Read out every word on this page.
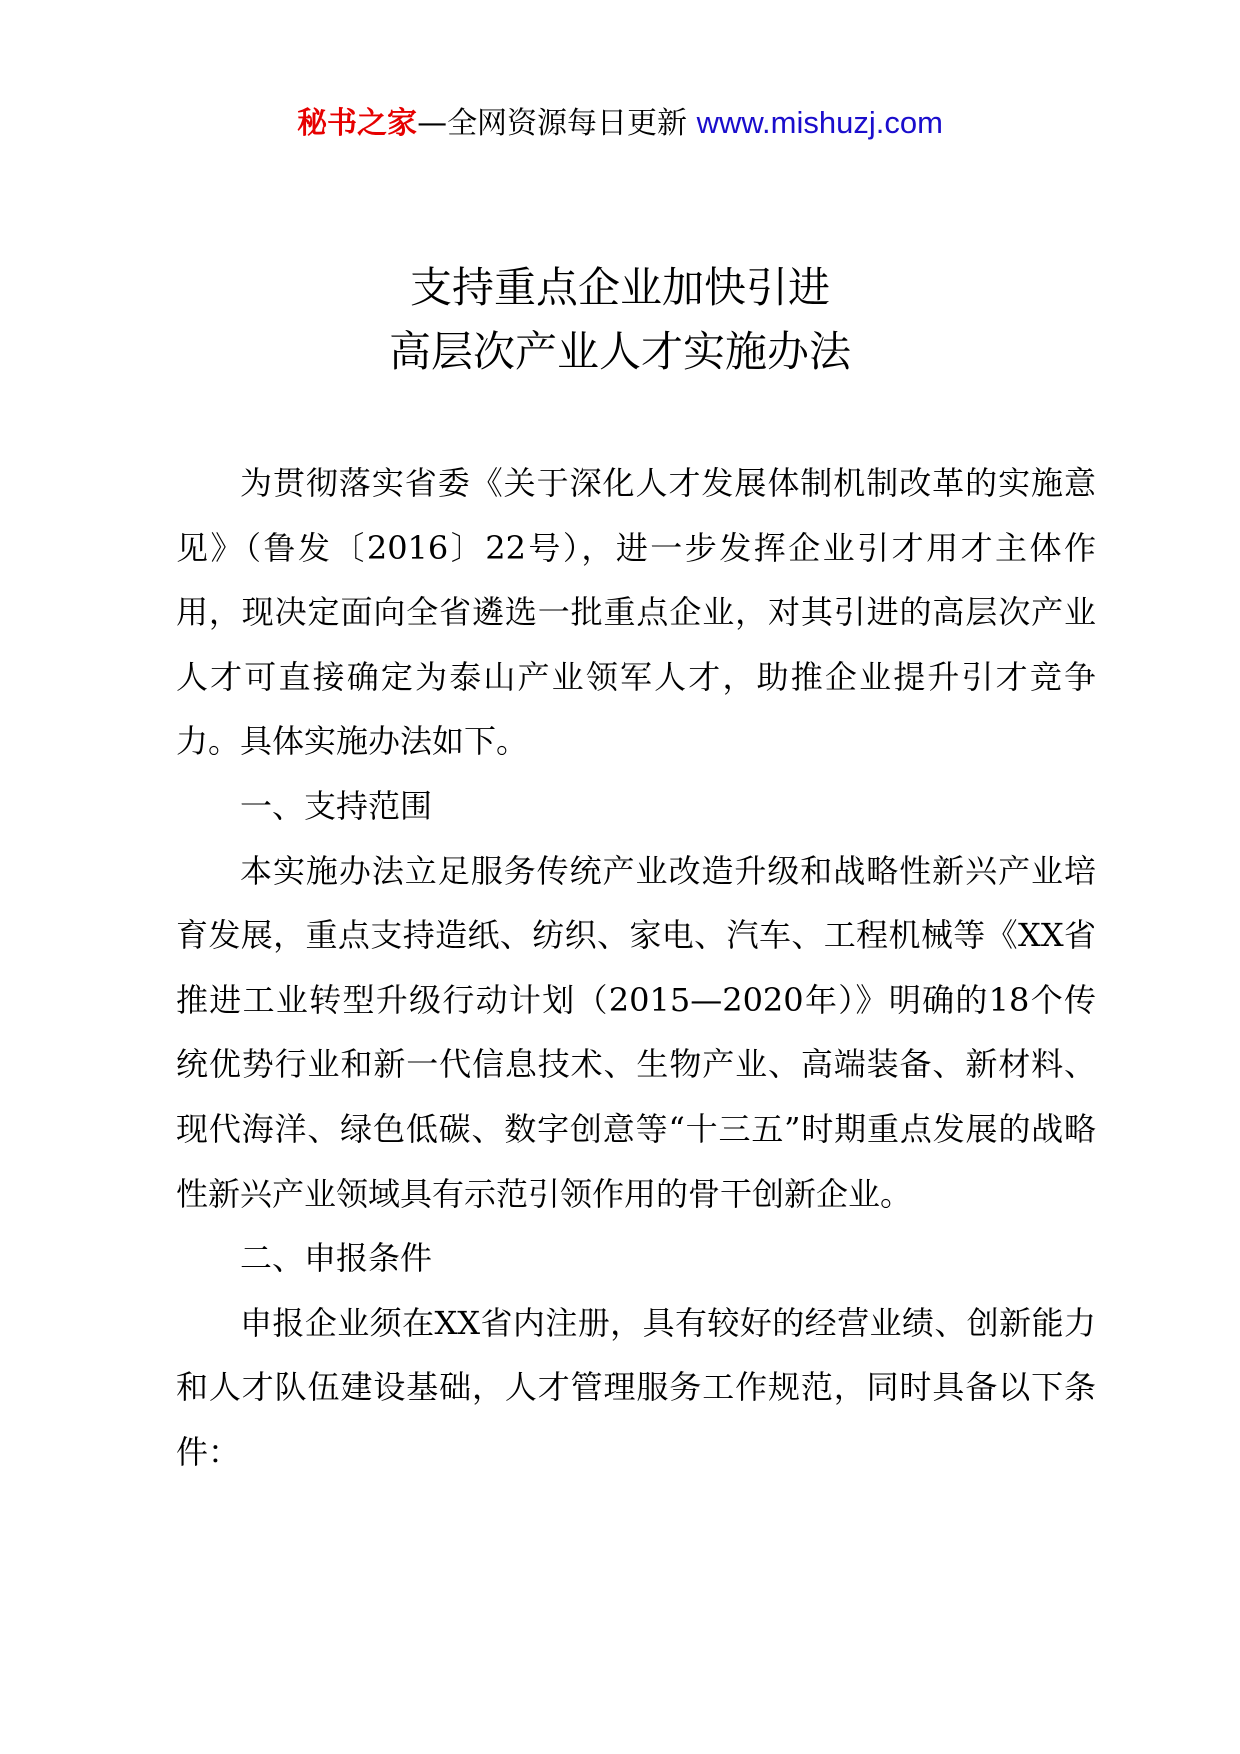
秘书之家—全网资源每日更新 www.mishuzj.com
支持重点企业加快引进
高层次产业人才实施办法

为贯彻落实省委《关于深化人才发展体制机制改革的实施意见》（鲁发〔2016〕22号），进一步发挥企业引才用才主体作用，现决定面向全省遴选一批重点企业，对其引进的高层次产业人才可直接确定为泰山产业领军人才，助推企业提升引才竞争力。具体实施办法如下。

一、支持范围

本实施办法立足服务传统产业改造升级和战略性新兴产业培育发展，重点支持造纸、纺织、家电、汽车、工程机械等《XX省推进工业转型升级行动计划（2015—2020年）》明确的18个传统优势行业和新一代信息技术、生物产业、高端装备、新材料、现代海洋、绿色低碳、数字创意等“十三五”时期重点发展的战略性新兴产业领域具有示范引领作用的骨干创新企业。

二、申报条件

申报企业须在XX省内注册，具有较好的经营业绩、创新能力和人才队伍建设基础，人才管理服务工作规范，同时具备以下条件：
